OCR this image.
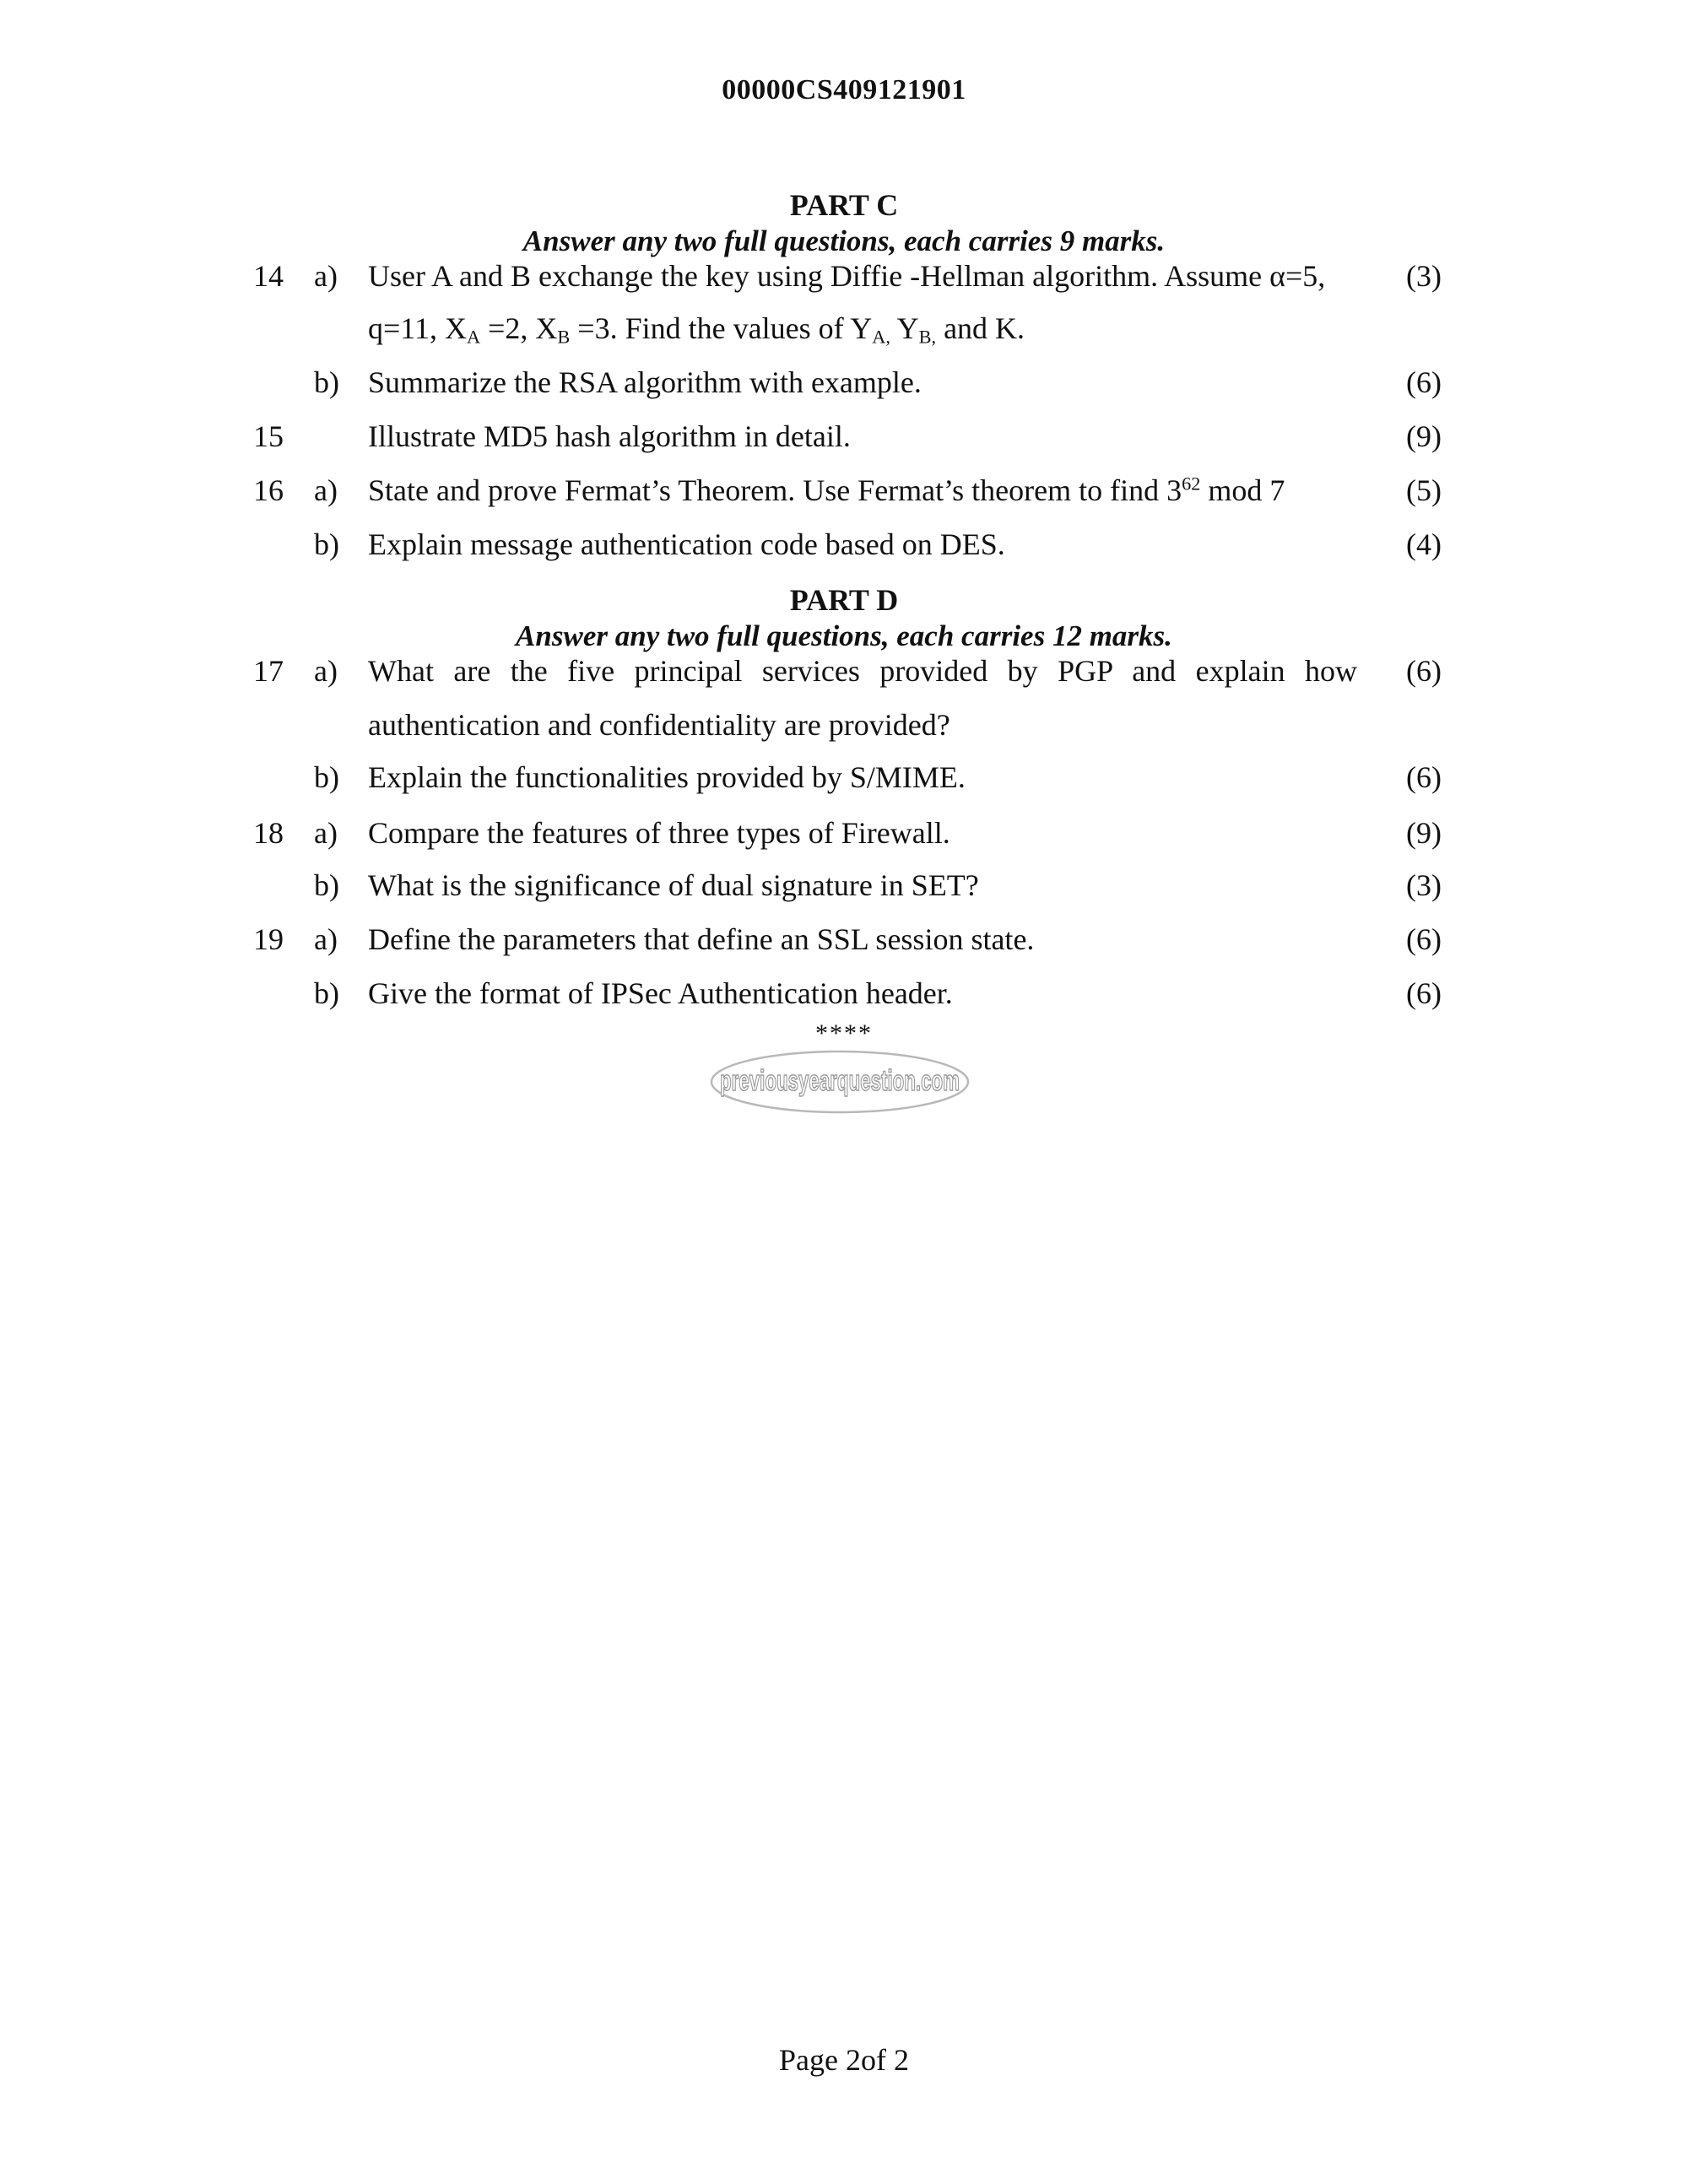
00000CS409121901
PART C
Answer any two full questions, each carries 9 marks.
14 a) User A and B exchange the key using Diffie -Hellman algorithm. Assume α=5,	(3)
q=11, $X_A =2$, $X_B =3$. Find the values of $Y_{A,}$ $Y_{B,}$ and K.
b) Summarize the RSA algorithm with example.	(6)
15	Illustrate MD5 hash algorithm in detail.	(9)
16 a) State and prove Fermat’s Theorem. Use Fermat’s theorem to find $3^{62}$ mod 7	(5)
b) Explain message authentication code based on DES.	(4)
PART D
Answer any two full questions, each carries 12 marks.
17 a) What are the five principal services provided by PGP and explain how (6)
authentication and confidentiality are provided?
b) Explain the functionalities provided by S/MIME.	(6)
18 a) Compare the features of three types of Firewall.	(9)
b) What is the significance of dual signature in SET?	(3)
19 a) Define the parameters that define an SSL session state.	(6)
b) Give the format of IPSec Authentication header.	(6)
****
previousyearquestion.com
Page 2of 2
